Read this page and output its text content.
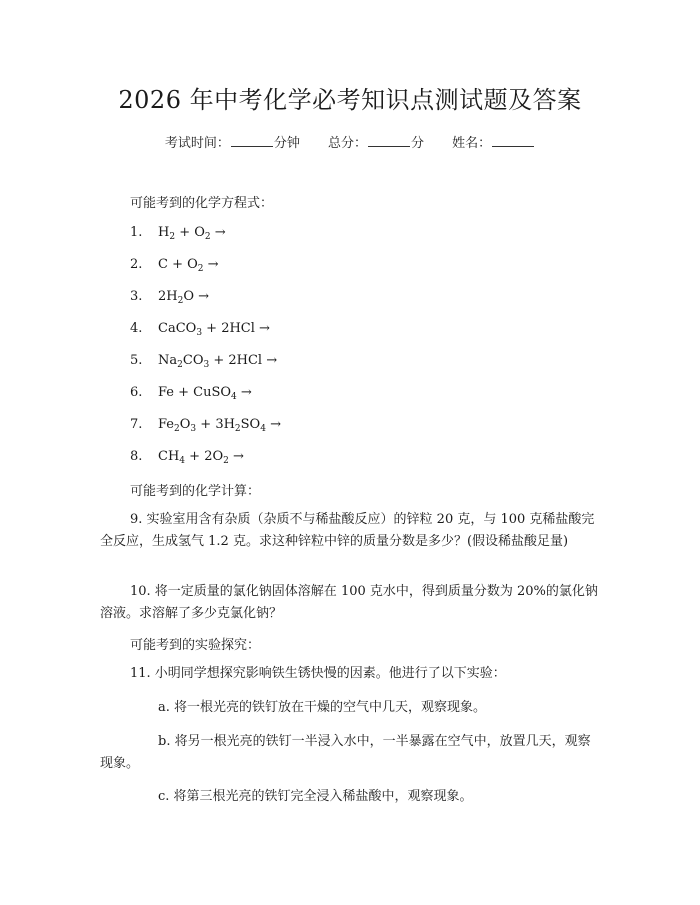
2026 年中考化学必考知识点测试题及答案
考试时间：	分钟 总分：	分 姓名：
可能考到的化学方程式：
1. $H_2 + O_2$ →
2. $C + O_2$ →
3. $2H_2O$ →
4. CaCO$_3$ + 2HCl →
5. $Na_2CO_3 + 2HCl$ →
6. Fe + CuSO$_4$ →
7. $Fe_2O_3 + 3H_2SO_4$ →
8. $CH_4 + 2O_2$ →
可能考到的化学计算：
9. 实验室用含有杂质（杂质不与稀盐酸反应）的锌粒 20 克，与 100 克稀盐酸完全反应，生成氢气 1.2 克。求这种锌粒中锌的质量分数是多少？(假设稀盐酸足量)
10. 将一定质量的氯化钠固体溶解在 100 克水中，得到质量分数为 20%的氯化钠溶液。求溶解了多少克氯化钠？
可能考到的实验探究：
11. 小明同学想探究影响铁生锈快慢的因素。他进行了以下实验：
a. 将一根光亮的铁钉放在干燥的空气中几天，观察现象。
b. 将另一根光亮的铁钉一半浸入水中，一半暴露在空气中，放置几天，观察现象。
c. 将第三根光亮的铁钉完全浸入稀盐酸中，观察现象。
